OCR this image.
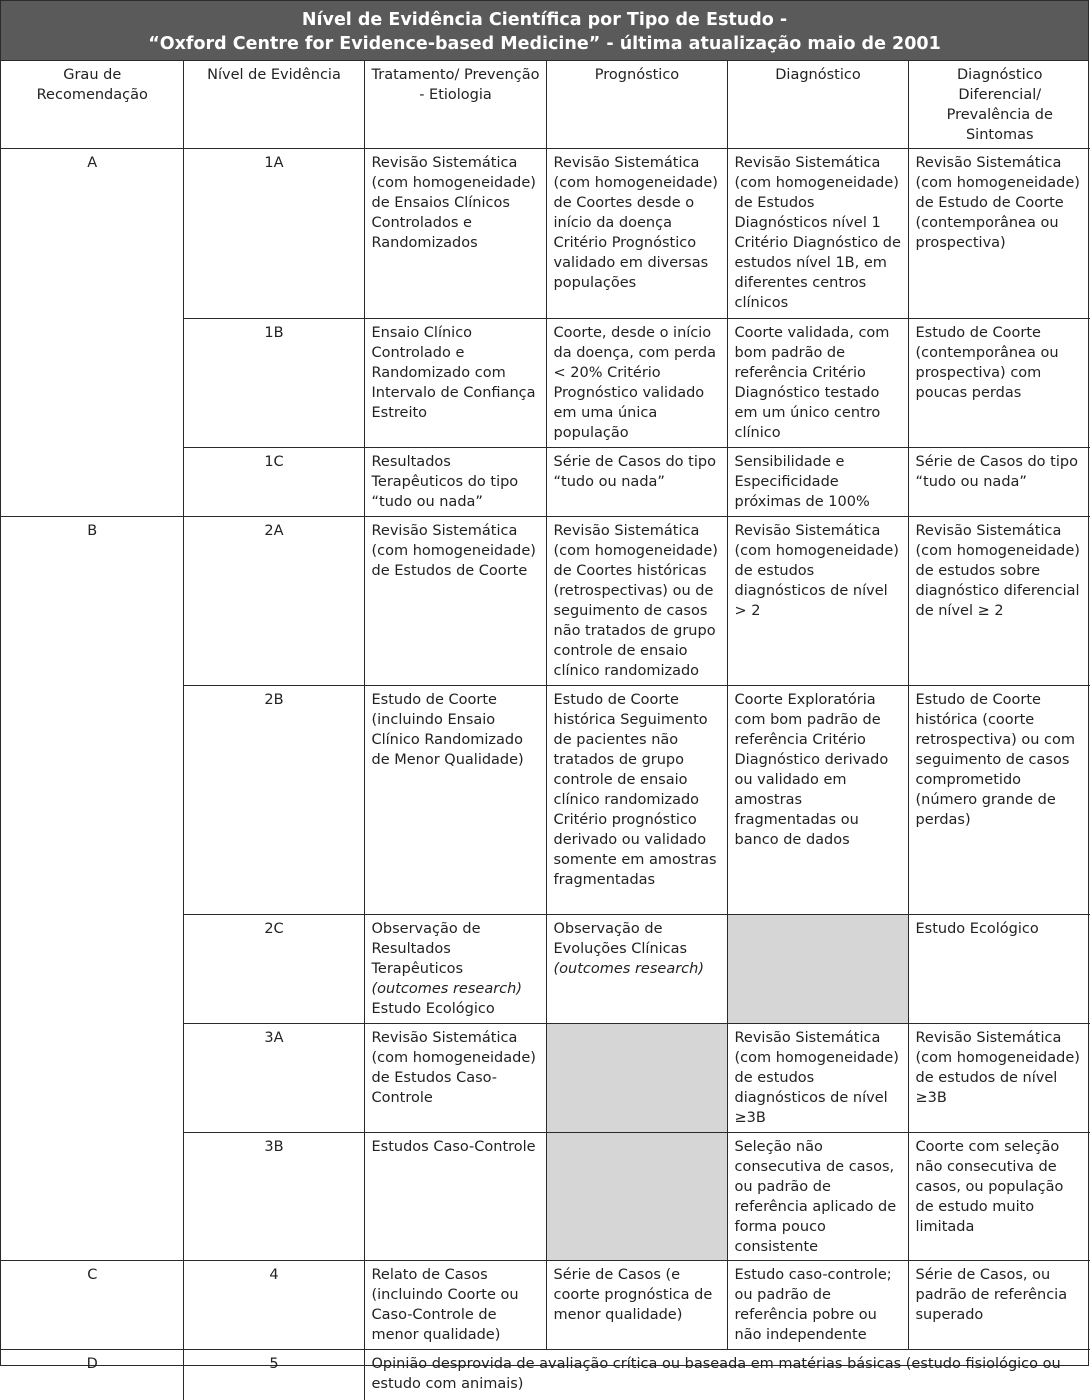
Nível de Evidência Científica por Tipo de Estudo -
“Oxford Centre for Evidence-based Medicine” - última atualização maio de 2001
Grau de Recomendação	Nível de Evidência	Tratamento/ Prevenção - Etiologia	Prognóstico	Diagnóstico	Diagnóstico Diferencial/ Prevalência de Sintomas
A	1A	Revisão Sistemática (com homogeneidade) de Ensaios Clínicos Controlados e Randomizados	Revisão Sistemática (com homogeneidade) de Coortes desde o início da doença Critério Prognóstico validado em diversas populações	Revisão Sistemática (com homogeneidade) de Estudos Diagnósticos nível 1 Critério Diagnóstico de estudos nível 1B, em diferentes centros clínicos	Revisão Sistemática (com homogeneidade) de Estudo de Coorte (contemporânea ou prospectiva)
	1B	Ensaio Clínico Controlado e Randomizado com Intervalo de Confiança Estreito	Coorte, desde o início da doença, com perda < 20% Critério Prognóstico validado em uma única população	Coorte validada, com bom padrão de referência Critério Diagnóstico testado em um único centro clínico	Estudo de Coorte (contemporânea ou prospectiva) com poucas perdas
	1C	Resultados Terapêuticos do tipo “tudo ou nada”	Série de Casos do tipo “tudo ou nada”	Sensibilidade e Especificidade próximas de 100%	Série de Casos do tipo “tudo ou nada”
B	2A	Revisão Sistemática (com homogeneidade) de Estudos de Coorte	Revisão Sistemática (com homogeneidade) de Coortes históricas (retrospectivas) ou de seguimento de casos não tratados de grupo controle de ensaio clínico randomizado	Revisão Sistemática (com homogeneidade) de estudos diagnósticos de nível > 2	Revisão Sistemática (com homogeneidade) de estudos sobre diagnóstico diferencial de nível ≥ 2
	2B	Estudo de Coorte (incluindo Ensaio Clínico Randomizado de Menor Qualidade)	Estudo de Coorte histórica Seguimento de pacientes não tratados de grupo controle de ensaio clínico randomizado Critério prognóstico derivado ou validado somente em amostras fragmentadas	Coorte Exploratória com bom padrão de referência Critério Diagnóstico derivado ou validado em amostras fragmentadas ou banco de dados	Estudo de Coorte histórica (coorte retrospectiva) ou com seguimento de casos comprometido (número grande de perdas)
	2C	Observação de Resultados Terapêuticos (outcomes research) Estudo Ecológico	Observação de Evoluções Clínicas (outcomes research)		Estudo Ecológico
	3A	Revisão Sistemática (com homogeneidade) de Estudos Caso-Controle		Revisão Sistemática (com homogeneidade) de estudos diagnósticos de nível ≥3B	Revisão Sistemática (com homogeneidade) de estudos de nível ≥3B
	3B	Estudos Caso-Controle		Seleção não consecutiva de casos, ou padrão de referência aplicado de forma pouco consistente	Coorte com seleção não consecutiva de casos, ou população de estudo muito limitada
C	4	Relato de Casos (incluindo Coorte ou Caso-Controle de menor qualidade)	Série de Casos (e coorte prognóstica de menor qualidade)	Estudo caso-controle; ou padrão de referência pobre ou não independente	Série de Casos, ou padrão de referência superado
D	5	Opinião desprovida de avaliação crítica ou baseada em matérias básicas (estudo fisiológico ou estudo com animais)			
